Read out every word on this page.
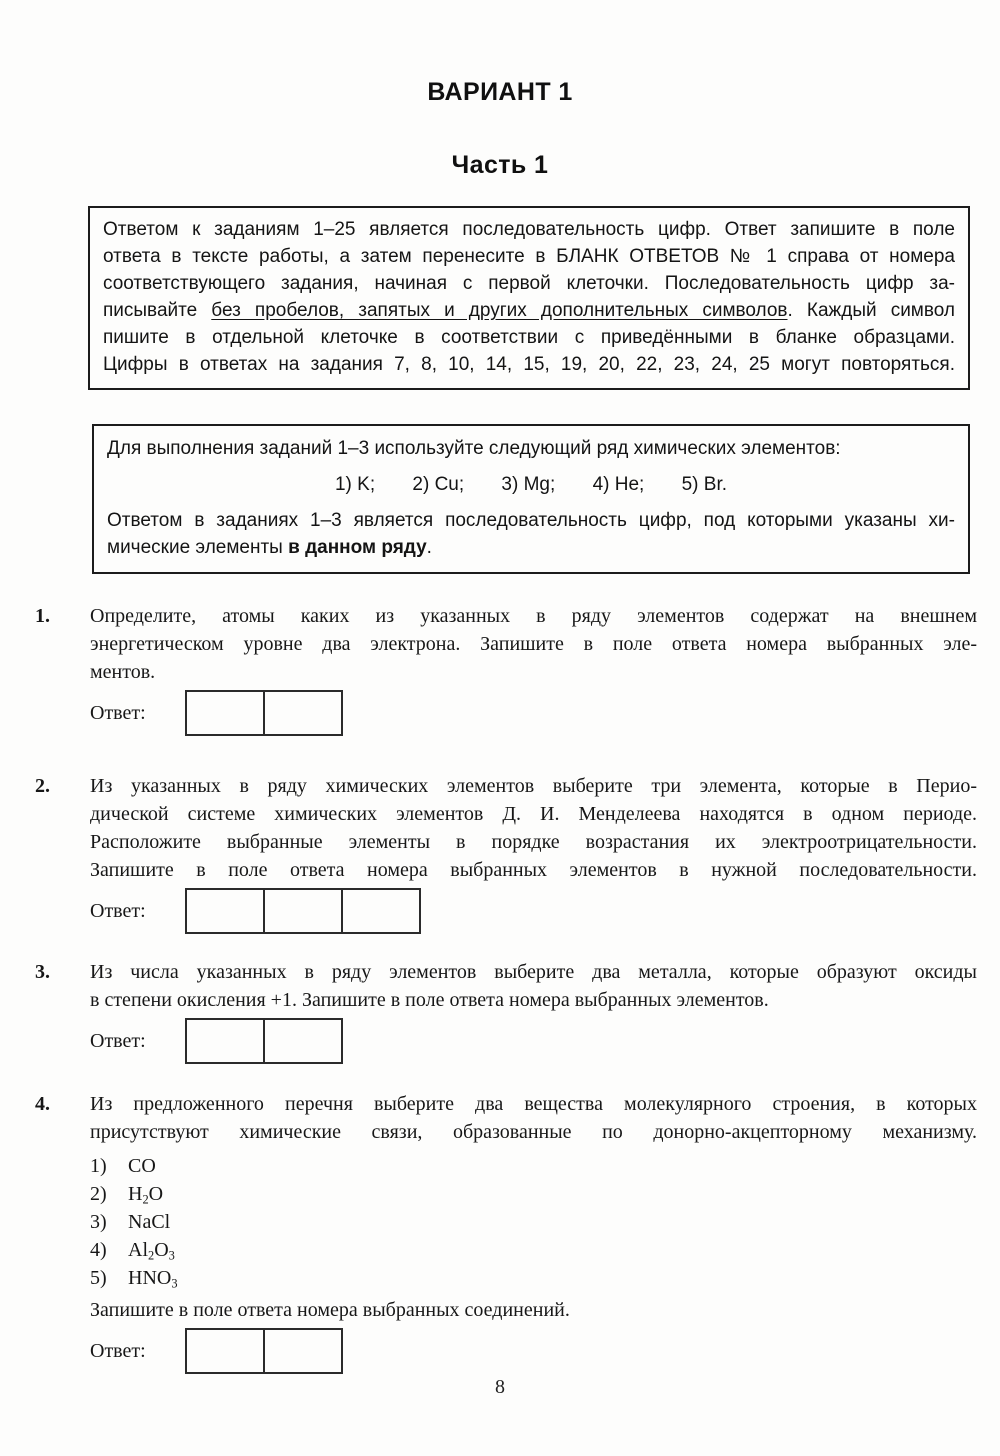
ВАРИАНТ 1
Часть 1
Ответом к заданиям 1–25 является последовательность цифр. Ответ запишите в поле
ответа в тексте работы, а затем перенесите в БЛАНК ОТВЕТОВ № 1 справа от номера
соответствующего задания, начиная с первой клеточки. Последовательность цифр за-
писывайте без пробелов, запятых и других дополнительных символов. Каждый символ
пишите в отдельной клеточке в соответствии с приведёнными в бланке образцами.
Цифры в ответах на задания 7, 8, 10, 14, 15, 19, 20, 22, 23, 24, 25 могут повторяться.
Для выполнения заданий 1–3 используйте следующий ряд химических элементов:
1) K; 2) Cu; 3) Mg; 4) He; 5) Br.
Ответом в заданиях 1–3 является последовательность цифр, под которыми указаны хи-
мические элементы в данном ряду.
1.	Определите, атомы каких из указанных в ряду элементов содержат на внешнем
энергетическом уровне два электрона. Запишите в поле ответа номера выбранных эле-
ментов.
Ответ:
2.	Из указанных в ряду химических элементов выберите три элемента, которые в Перио-
дической системе химических элементов Д. И. Менделеева находятся в одном периоде.
Расположите выбранные элементы в порядке возрастания их электроотрицательности.
Запишите в поле ответа номера выбранных элементов в нужной последовательности.
Ответ:
3.	Из числа указанных в ряду элементов выберите два металла, которые образуют оксиды
в степени окисления +1. Запишите в поле ответа номера выбранных элементов.
Ответ:
4.	Из предложенного перечня выберите два вещества молекулярного строения, в которых
присутствуют химические связи, образованные по донорно-акцепторному механизму.
1)	CO
2)	$H_2O$
3)	NaCl
4)	$Al_2O_3$
5)	$HNO_3$
Запишите в поле ответа номера выбранных соединений.
Ответ:
8
